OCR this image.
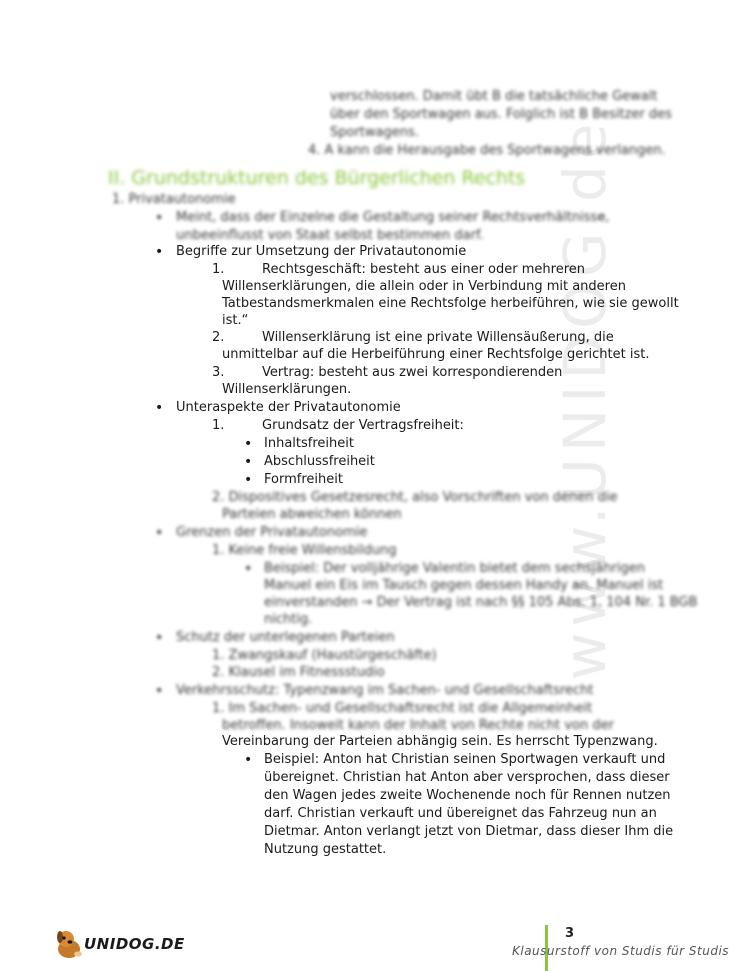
www.UNIDOG.de
verschlossen. Damit übt B die tatsächliche Gewalt
über den Sportwagen aus. Folglich ist B Besitzer des
Sportwagens.
4. A kann die Herausgabe des Sportwagens verlangen.
II. Grundstrukturen des Bürgerlichen Rechts
1. Privatautonomie
• Meint, dass der Einzelne die Gestaltung seiner Rechtsverhältnisse,
unbeeinflusst von Staat selbst bestimmen darf.
• Begriffe zur Umsetzung der Privatautonomie
1.	Rechtsgeschäft: besteht aus einer oder mehreren
Willenserklärungen, die allein oder in Verbindung mit anderen
Tatbestandsmerkmalen eine Rechtsfolge herbeiführen, wie sie gewollt
ist.“
2.	Willenserklärung ist eine private Willensäußerung, die
unmittelbar auf die Herbeiführung einer Rechtsfolge gerichtet ist.
3.	Vertrag: besteht aus zwei korrespondierenden
Willenserklärungen.
• Unteraspekte der Privatautonomie
1.	Grundsatz der Vertragsfreiheit:
• Inhaltsfreiheit
• Abschlussfreiheit
• Formfreiheit
2. Dispositives Gesetzesrecht, also Vorschriften von denen die
Parteien abweichen können
• Grenzen der Privatautonomie
1. Keine freie Willensbildung
• Beispiel: Der volljährige Valentin bietet dem sechsjährigen
Manuel ein Eis im Tausch gegen dessen Handy an. Manuel ist
einverstanden → Der Vertrag ist nach §§ 105 Abs. 1, 104 Nr. 1 BGB
nichtig.
• Schutz der unterlegenen Parteien
1. Zwangskauf (Haustürgeschäfte)
2. Klausel im Fitnessstudio
• Verkehrsschutz: Typenzwang im Sachen- und Gesellschaftsrecht
1. Im Sachen- und Gesellschaftsrecht ist die Allgemeinheit
betroffen. Insoweit kann der Inhalt von Rechte nicht von der
Vereinbarung der Parteien abhängig sein. Es herrscht Typenzwang.
• Beispiel: Anton hat Christian seinen Sportwagen verkauft und
übereignet. Christian hat Anton aber versprochen, dass dieser
den Wagen jedes zweite Wochenende noch für Rennen nutzen
darf. Christian verkauft und übereignet das Fahrzeug nun an
Dietmar. Anton verlangt jetzt von Dietmar, dass dieser Ihm die
Nutzung gestattet.
UNIDOG.DE
3
Klausurstoff von Studis für Studis
